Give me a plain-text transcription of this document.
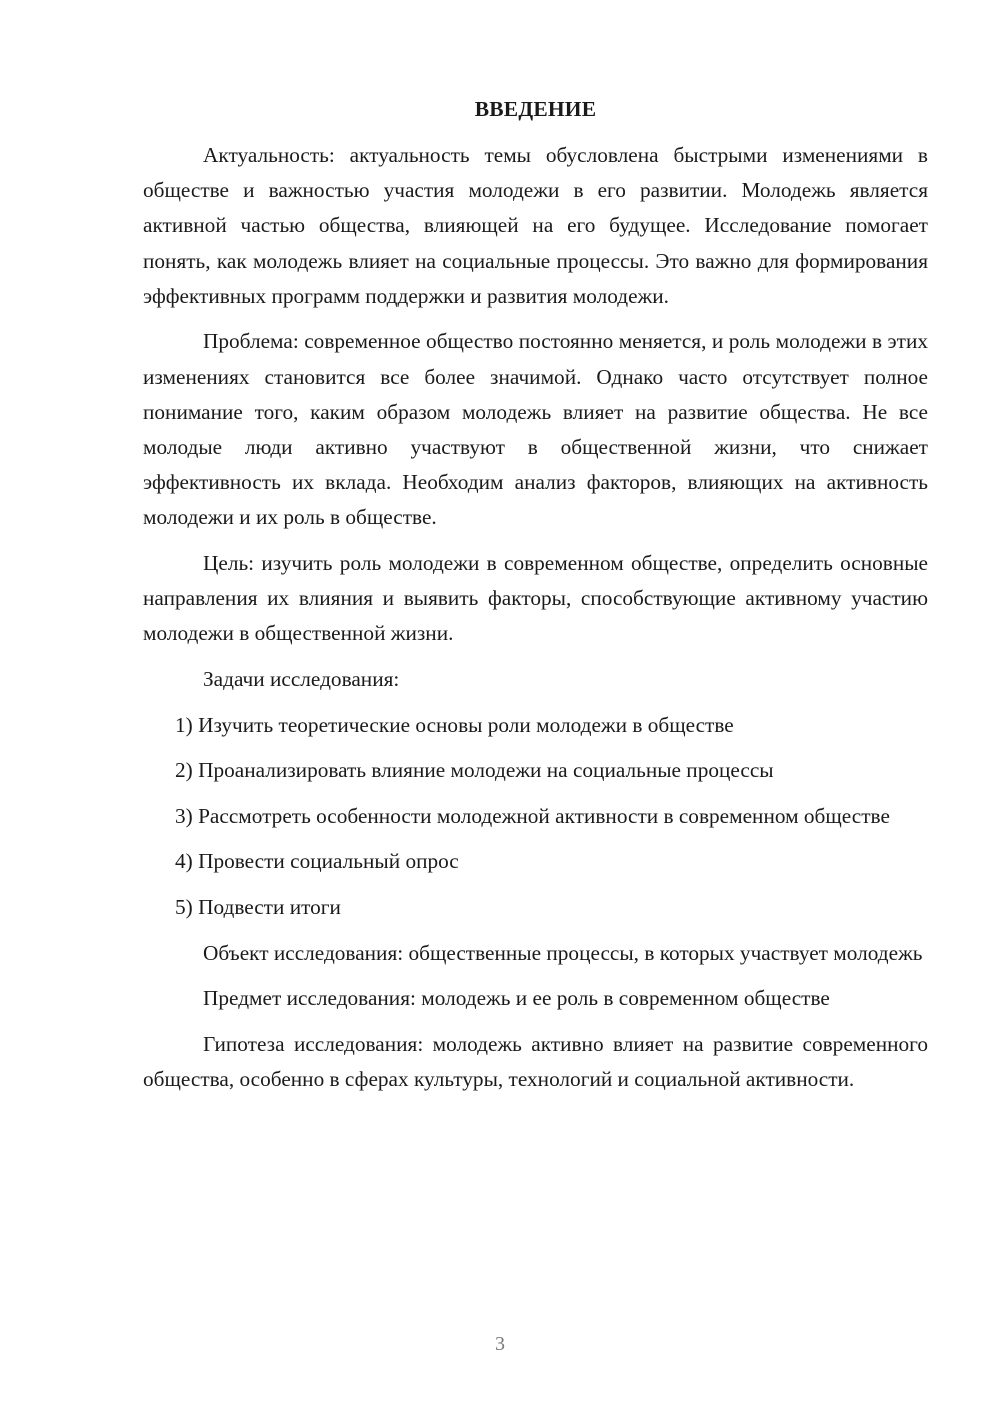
ВВЕДЕНИЕ

Актуальность: актуальность темы обусловлена быстрыми изменениями в обществе и важностью участия молодежи в его развитии. Молодежь является активной частью общества, влияющей на его будущее. Исследование помогает понять, как молодежь влияет на социальные процессы. Это важно для формирования эффективных программ поддержки и развития молодежи.

Проблема: современное общество постоянно меняется, и роль молодежи в этих изменениях становится все более значимой. Однако часто отсутствует полное понимание того, каким образом молодежь влияет на развитие общества. Не все молодые люди активно участвуют в общественной жизни, что снижает эффективность их вклада. Необходим анализ факторов, влияющих на активность молодежи и их роль в обществе.

Цель: изучить роль молодежи в современном обществе, определить основные направления их влияния и выявить факторы, способствующие активному участию молодежи в общественной жизни.

Задачи исследования:

1) Изучить теоретические основы роли молодежи в обществе

2) Проанализировать влияние молодежи на социальные процессы

3) Рассмотреть особенности молодежной активности в современном обществе

4) Провести социальный опрос

5) Подвести итоги

Объект исследования: общественные процессы, в которых участвует молодежь

Предмет исследования: молодежь и ее роль в современном обществе

Гипотеза исследования: молодежь активно влияет на развитие современного общества, особенно в сферах культуры, технологий и социальной активности.

3
